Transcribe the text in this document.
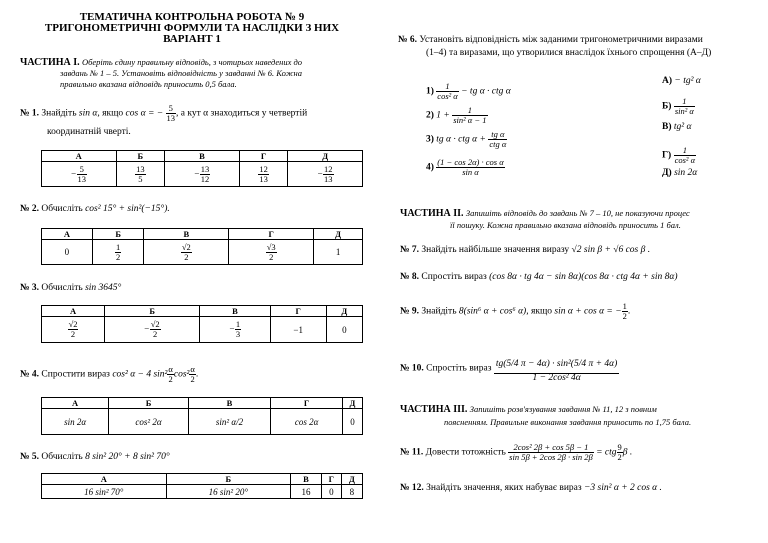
ТЕМАТИЧНА КОНТРОЛЬНА РОБОТА № 9
ТРИГОНОМЕТРИЧНІ ФОРМУЛИ ТА НАСЛІДКИ З НИХ
ВАРІАНТ 1
ЧАСТИНА I. Оберіть єдину правильну відповідь, з чотирьох наведених до
завдань № 1 – 5. Установіть відповідність у завданні № 6. Кожна
правильно вказана відповідь приносить 0,5 бала.
№ 1. Знайдіть sin α, якщо cos α = − $\frac{5}{13}$ , а кут α знаходиться у четвертій
координатній чверті.
А	Б	В	Г	Д
− $\frac{5}{13}$	$\frac{13}{5}$	− $\frac{13}{12}$	$\frac{12}{13}$	− $\frac{12}{13}$
№ 2. Обчисліть cos² 15° + sin²(−15°).
А	Б	В	Г	Д
0	$\frac{1}{2}$	$\frac{√2}{2}$	$\frac{√3}{2}$	1
№ 3. Обчисліть sin 3645°
А	Б	В	Г	Д

$\frac{√2}{2}$	− $\frac{√2}{2}$	− $\frac{1}{3}$	−1	0
№ 4. Спростити вираз cos² α − 4 $\sin^2 \frac{\alpha}{2} \cos^2 \frac{\alpha}{2}$ .
А	Б	В	Г	Д
sin 2α	cos² 2α	sin² α/2	cos 2α	0
№ 5. Обчисліть 8 sin² 20° + 8 sin² 70°
А	Б	В	Г	Д
16 sin² 70°	16 sin² 20°	16	0	8
№ 6. Установіть відповідність між заданими тригонометричними виразами
(1–4) та виразами, що утворилися внаслідок їхнього спрощення (А–Д)
$1) \frac{1}{\text{cos² α}}$ − tg α · ctg α
2) $1 + \frac{1}{\text{sin² α − 1}}$
3) tg α · ctg $\alpha + \frac{\text{tg α}}{\text{ctg α}}$
$4) \frac{\text{(1 − cos 2α) · cos α}}{\text{sin α}}$
А) − tg² α
$Б) \frac{1}{\text{sin² α}}$
В) tg² α
$Г) \frac{1}{\text{cos² α}}$
Д) sin 2α
ЧАСТИНА II. Запишіть відповідь до завдань № 7 – 10, не показуючи процес
її пошуку. Кожна правильно вказана відповідь приносить 1 бал.
№ 7. Знайдіть найбільше значення виразу √2 sin β + √6 cos β .
№ 8. Спростіть вираз (cos 8α · tg 4α − sin 8α)(cos 8α · ctg 4α + sin 8α)
№ 9. Знайдіть 8(sin⁶ α + cos⁶ α), якщо sin α + cos α = − $\frac{1}{2}$ .
№ 10. Спростіть вираз $\frac{\text{tg(5/4 π − 4α) · sin²(5/4 π + 4α)}}{\text{1 − 2cos² 4α}}$
ЧАСТИНА III. Запишіть розв'язування завдання № 11, 12 з повним
поясненням. Правильне виконання завдання приносить по 1,75 бала.
№ 11. Довести тотожність $\frac{\text{2cos² 2β + cos 5β − 1}}{\sin 5\beta + 2\cos 2\beta \cdot \sin 2\beta}$ = ctg $\frac{9}{2}$ β .
№ 12. Знайдіть значення, яких набуває вираз −3 sin² α + 2 cos α .
